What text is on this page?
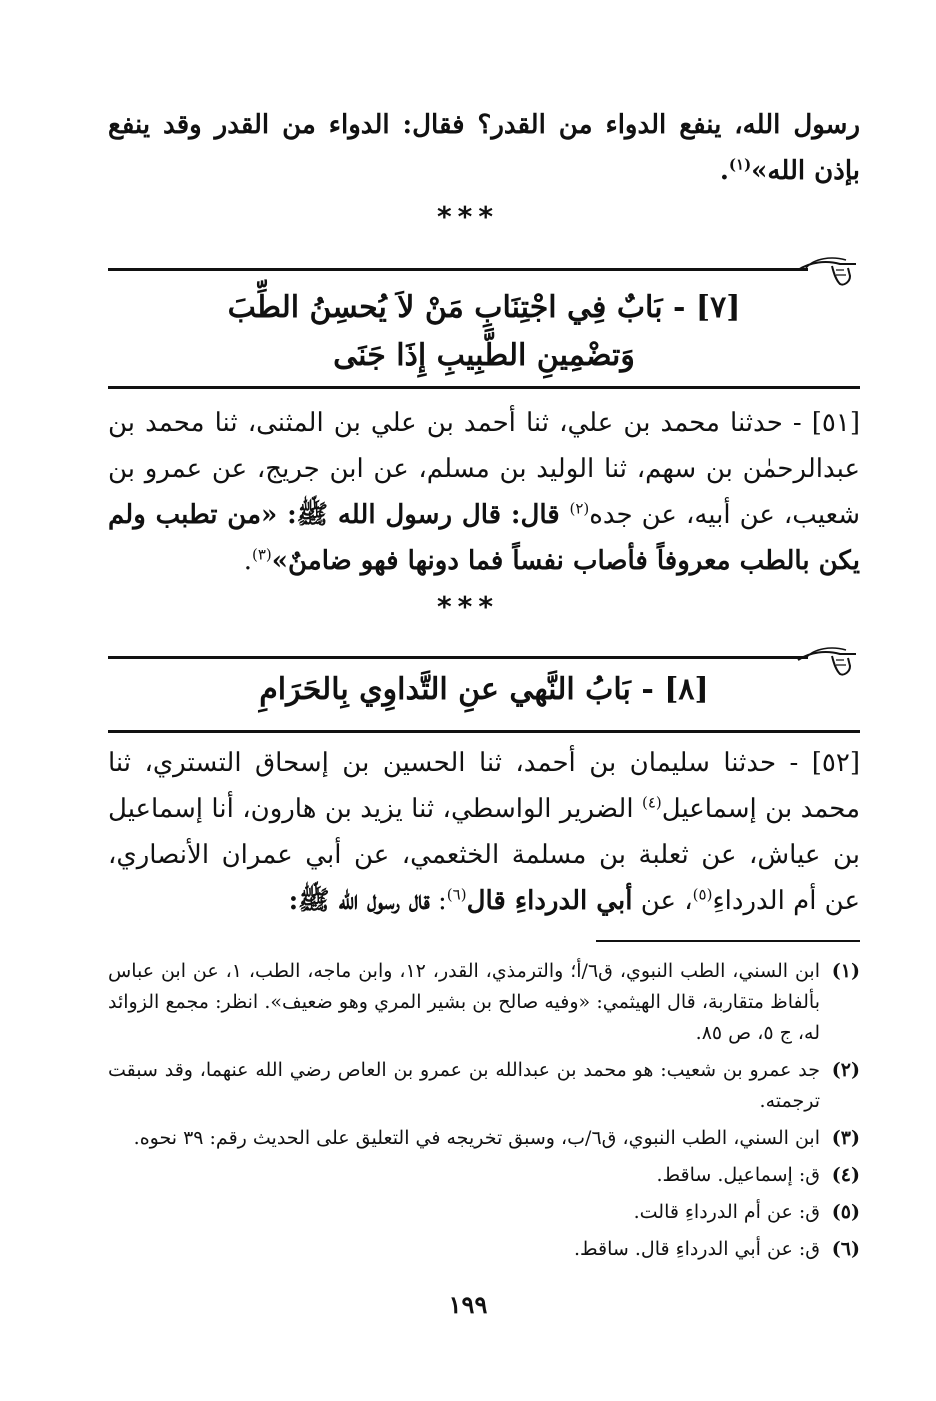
رسول الله، ينفع الدواء من القدر؟ فقال: الدواء من القدر وقد ينفع بإذن الله»$^{(١)}$.
***
[٧] - بَابٌ فِي اجْتِنَابِ مَنْ لاَ يُحسِنُ الطِّبَ
وَتضْمِينِ الطَّبِيبِ إِذَا جَنَى
[٥١] - حدثنا محمد بن علي، ثنا أحمد بن علي بن المثنى، ثنا محمد بن عبدالرحمٰن بن سهم، ثنا الوليد بن مسلم، عن ابن جريج، عن عمرو بن شعيب، عن أبيه، عن جده$^{(٢)}$ قال: قال رسول الله ﷺ: «من تطبب ولم يكن بالطب معروفاً فأصاب نفساً فما دونها فهو ضامنٌ»$^{(٣)}$.
***
[٨] - بَابُ النَّهي عنِ التَّداوِي بِالحَرَامِ
[٥٢] - حدثنا سليمان بن أحمد، ثنا الحسين بن إسحاق التستري، ثنا محمد بن إسماعيل$^{(٤)}$ الضرير الواسطي، ثنا يزيد بن هارون، أنا إسماعيل بن عياش، عن ثعلبة بن مسلمة الخثعمي، عن أبي عمران الأنصاري، عن أم الدرداءِ$^{(٥)}$، عن أبي الدرداءِ قال$^{(٦)}$: قال رسول الله ﷺ:
(١)
ابن السني، الطب النبوي، ق٦/أ؛ والترمذي، القدر، ١٢، وابن ماجه، الطب، ١، عن ابن عباس بألفاظ متقاربة، قال الهيثمي: «وفيه صالح بن بشير المري وهو ضعيف». انظر: مجمع الزوائد له، ج ٥، ص ٨٥.
(٢)
جد عمرو بن شعيب: هو محمد بن عبدالله بن عمرو بن العاص رضي الله عنهما، وقد سبقت ترجمته.
(٣)
ابن السني، الطب النبوي، ق٦/ب، وسبق تخريجه في التعليق على الحديث رقم: ٣٩ نحوه.
(٤)
ق: إسماعيل. ساقط.
(٥)
ق: عن أم الدرداءِ قالت.
(٦)
ق: عن أبي الدرداءِ قال. ساقط.
١٩٩
